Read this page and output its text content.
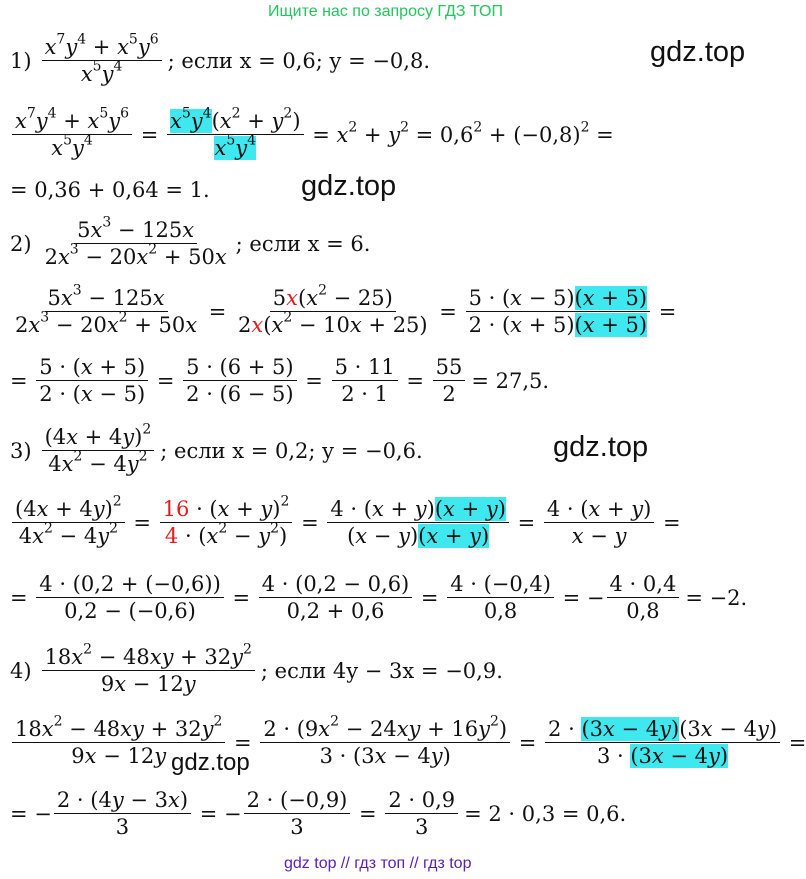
Ищите нас по запросу ГДЗ ТОП
gdz.top
gdz.top
gdz.top
gdz.top
$1) \frac{x^7y^4 + x^5y^6}{x^5y^4}$ ; если x = 0,6; y = −0,8.
$\frac{x^7y^4 + x^5y^6}{x^5y^4} = \frac{x^5y^4(x^2 + y^2)}{x^5y^4} = x^2 + y^2 = 0,6^2 + (-0,8)^2$ =
= 0,36 + 0,64 = 1.
$2) \frac{5x^3 - 125x}{2x^3 - 20x^2 + 50x}$ ; если x = 6.
$\frac{5x^3 - 125x}{2x^3 - 20x^2 + 50x} = \frac{5x(x^2 - 25)}{2x(x^2 - 10x + 25)} = \frac{5 \cdot (x - 5)(x + 5)}{2 \cdot (x + 5)(x + 5)}$ =
= $\frac{5 \cdot (x + 5)}{2 \cdot (x - 5)} = \frac{5 \cdot (6 + 5)}{2 \cdot (6 - 5)} = \frac{5 \cdot 11}{2 \cdot 1} = \frac{55}{2} = 27,5$.
$3) \frac{(4x + 4y)^2}{4x^2 - 4y^2}$ ; если x = 0,2; y = −0,6.
$\frac{(4x + 4y)^2}{4x^2 - 4y^2} = \frac{16 \cdot (x + y)^2}{4 \cdot (x^2 - y^2)} = \frac{4 \cdot (x + y)(x + y)}{(x - y)(x + y)} = \frac{4 \cdot (x + y)}{x - y}$ =
= $\frac{4 \cdot (0,2 + (-0,6))}{0,2 - (-0,6)} = \frac{4 \cdot (0,2 - 0,6)}{0,2 + 0,6} = \frac{4 \cdot (-0,4)}{0,8}$ = − $\frac{4 \cdot 0,4}{0,8} = -2$.
$4) \frac{18x^2 - 48xy + 32y^2}{9x - 12y}$ ; если 4y − 3x = −0,9.
$\frac{18x^2 - 48xy + 32y^2}{9x - 12y} = \frac{2 \cdot (9x^2 - 24xy + 16y^2)}{3 \cdot (3x - 4y)} = \frac{2 \cdot (3x - 4y)(3x - 4y)}{3 \cdot (3x - 4y)}$ =
= − $\frac{2 \cdot (4y - 3x)}{3}$ = − $\frac{2 \cdot (-0,9)}{3} = \frac{2 \cdot 0,9}{3} = 2 \cdot 0,3 = 0,6$.
gdz top // гдз топ // гдз top
